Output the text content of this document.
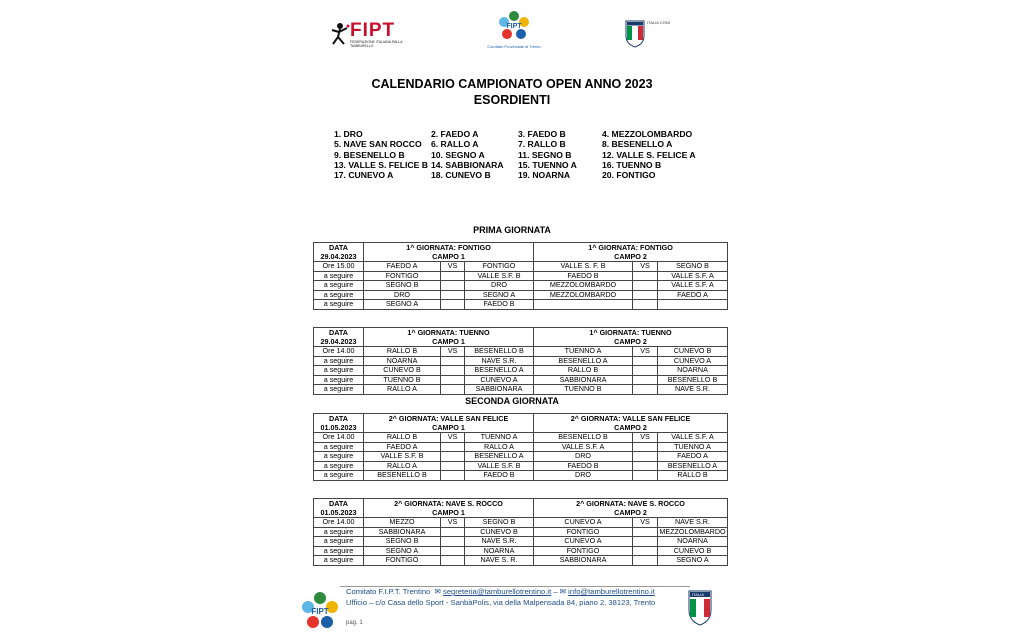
FIPT
FEDERAZIONE ITALIANA PALLA TAMBURELLO
FIPT
Comitato Provinciale di Trento
ITALIA CONI
CALENDARIO CAMPIONATO OPEN ANNO 2023
ESORDIENTI
1. DRO	2. FAEDO A	3. FAEDO B	4. MEZZOLOMBARDO
5. NAVE SAN ROCCO 6. RALLO A	7. RALLO B	8. BESENELLO A
9. BESENELLO B	10. SEGNO A	11. SEGNO B	12. VALLE S. FELICE A
13. VALLE S. FELICE B 14. SABBIONARA 15. TUENNO A	16. TUENNO B
17. CUNEVO A	18. CUNEVO B	19. NOARNA	20. FONTIGO
PRIMA GIORNATA
SECONDA GIORNATA
DATA	1^ GIORNATA: FONTIGO			1^ GIORNATA: FONTIGO		
29.04.2023	CAMPO 1			CAMPO 2		
Ore 15.00	FAEDO A	VS	FONTIGO	VALLE S. F. B	VS	SEGNO B
a seguire	FONTIGO		VALLE S.F. B	FAEDO B		VALLE S.F. A
a seguire	SEGNO B		DRO	MEZZOLOMBARDO		VALLE S.F. A
a seguire	DRO		SEGNO A	MEZZOLOMBARDO		FAEDO A
a seguire	SEGNO A		FAEDO B			
DATA	1^ GIORNATA: TUENNO			1^ GIORNATA: TUENNO		
29.04.2023	CAMPO 1			CAMPO 2		
Ore 14.00	RALLO B	VS	BESENELLO B	TUENNO A	VS	CUNEVO B
a seguire	NOARNA		NAVE S.R.	BESENELLO A		CUNEVO A
a seguire	CUNEVO B		BESENELLO A	RALLO B		NOARNA
a seguire	TUENNO B		CUNEVO A	SABBIONARA		BESENELLO B
a seguire	RALLO A		SABBIONARA	TUENNO B		NAVE S.R.
DATA	2^ GIORNATA: VALLE SAN FELICE			2^ GIORNATA: VALLE SAN FELICE		
01.05.2023	CAMPO 1			CAMPO 2		
Ore 14.00	RALLO B	VS	TUENNO A	BESENELLO B	VS	VALLE S.F. A
a seguire	FAEDO A		RALLO A	VALLE S.F. A		TUENNO A
a seguire	VALLE S.F. B		BESENELLO A	DRO		FAEDO A
a seguire	RALLO A		VALLE S.F. B	FAEDO B		BESENELLO A
a seguire	BESENELLO B		FAEDO B	DRO		RALLO B
DATA	2^ GIORNATA: NAVE S. ROCCO			2^ GIORNATA: NAVE S. ROCCO		
01.05.2023	CAMPO 1			CAMPO 2		
Ore 14.00	MEZZO	VS	SEGNO B	CUNEVO A	VS	NAVE S.R.
a seguire	SABBIONARA		CUNEVO B	FONTIGO		MEZZOLOMBARDO
a seguire	SEGNO B		NAVE S.R.	CUNEVO A		NOARNA
a seguire	SEGNO A		NOARNA	FONTIGO		CUNEVO B
a seguire	FONTIGO		NAVE S. R.	SABBIONARA		SEGNO A
FIPT
Comitato F.I.P.T. Trentino  ✉ segreteria@tamburellotrentino.it – ✉ info@tamburellotrentino.it
Ufficio – c/o Casa dello Sport - SanbàPolis, via della Malpensada 84, piano 2, 38123, Trento
pag. 1
ITALIA
